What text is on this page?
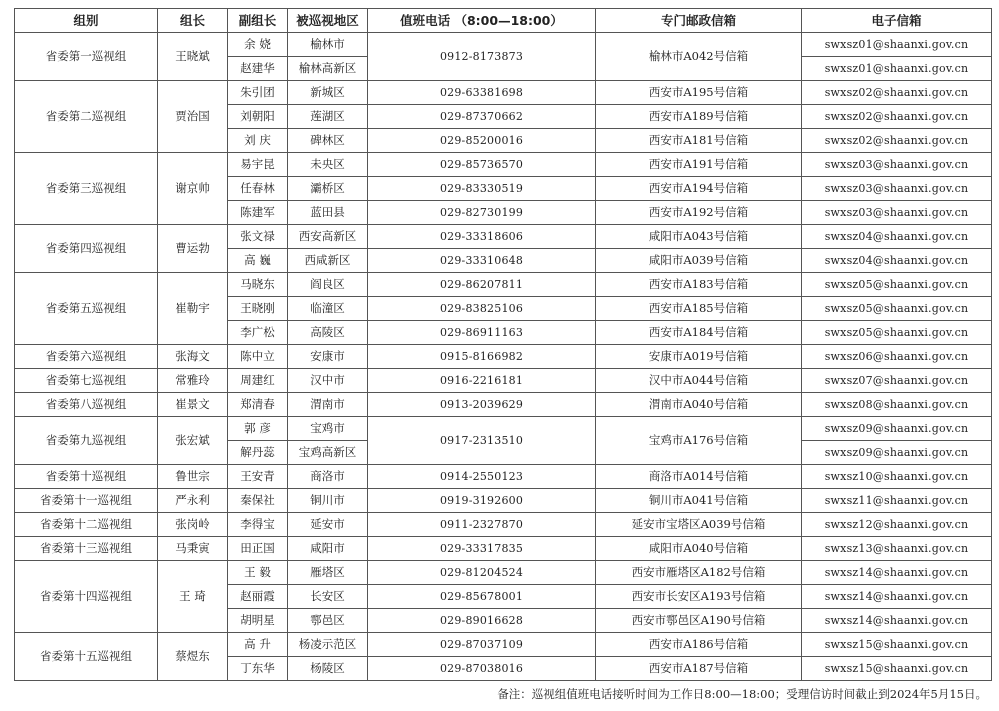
组别	组长	副组长	被巡视地区	值班电话 （8:00—18:00）	专门邮政信箱	电子信箱
省委第一巡视组	王晓斌	余 娆	榆林市	0912-8173873	榆林市A042号信箱	swxsz01@shaanxi.gov.cn
		赵建华	榆林高新区			swxsz01@shaanxi.gov.cn
省委第二巡视组	贾治国	朱引团	新城区	029-63381698	西安市A195号信箱	swxsz02@shaanxi.gov.cn
		刘朝阳	莲湖区	029-87370662	西安市A189号信箱	swxsz02@shaanxi.gov.cn
		刘 庆	碑林区	029-85200016	西安市A181号信箱	swxsz02@shaanxi.gov.cn
省委第三巡视组	谢京帅	易宇昆	未央区	029-85736570	西安市A191号信箱	swxsz03@shaanxi.gov.cn
		任春林	灞桥区	029-83330519	西安市A194号信箱	swxsz03@shaanxi.gov.cn
		陈建军	蓝田县	029-82730199	西安市A192号信箱	swxsz03@shaanxi.gov.cn
省委第四巡视组	曹运勃	张文禄	西安高新区	029-33318606	咸阳市A043号信箱	swxsz04@shaanxi.gov.cn
		高 巍	西咸新区	029-33310648	咸阳市A039号信箱	swxsz04@shaanxi.gov.cn
省委第五巡视组	崔勒宇	马晓东	阎良区	029-86207811	西安市A183号信箱	swxsz05@shaanxi.gov.cn
		王晓刚	临潼区	029-83825106	西安市A185号信箱	swxsz05@shaanxi.gov.cn
		李广松	高陵区	029-86911163	西安市A184号信箱	swxsz05@shaanxi.gov.cn
省委第六巡视组	张海文	陈中立	安康市	0915-8166982	安康市A019号信箱	swxsz06@shaanxi.gov.cn
省委第七巡视组	常雅玲	周建红	汉中市	0916-2216181	汉中市A044号信箱	swxsz07@shaanxi.gov.cn
省委第八巡视组	崔景文	郑清春	渭南市	0913-2039629	渭南市A040号信箱	swxsz08@shaanxi.gov.cn
省委第九巡视组	张宏斌	郭 彦	宝鸡市	0917-2313510	宝鸡市A176号信箱	swxsz09@shaanxi.gov.cn
		解丹蕊	宝鸡高新区			swxsz09@shaanxi.gov.cn
省委第十巡视组	鲁世宗	王安青	商洛市	0914-2550123	商洛市A014号信箱	swxsz10@shaanxi.gov.cn
省委第十一巡视组	严永利	秦保社	铜川市	0919-3192600	铜川市A041号信箱	swxsz11@shaanxi.gov.cn
省委第十二巡视组	张岗岭	李得宝	延安市	0911-2327870	延安市宝塔区A039号信箱	swxsz12@shaanxi.gov.cn
省委第十三巡视组	马秉寅	田正国	咸阳市	029-33317835	咸阳市A040号信箱	swxsz13@shaanxi.gov.cn
省委第十四巡视组	王 琦	王 毅	雁塔区	029-81204524	西安市雁塔区A182号信箱	swxsz14@shaanxi.gov.cn
		赵丽霞	长安区	029-85678001	西安市长安区A193号信箱	swxsz14@shaanxi.gov.cn
		胡明星	鄠邑区	029-89016628	西安市鄠邑区A190号信箱	swxsz14@shaanxi.gov.cn
省委第十五巡视组	蔡煜东	高 升	杨凌示范区	029-87037109	西安市A186号信箱	swxsz15@shaanxi.gov.cn
		丁东华	杨陵区	029-87038016	西安市A187号信箱	swxsz15@shaanxi.gov.cn
备注：巡视组值班电话接听时间为工作日8:00—18:00；受理信访时间截止到2024年5月15日。
